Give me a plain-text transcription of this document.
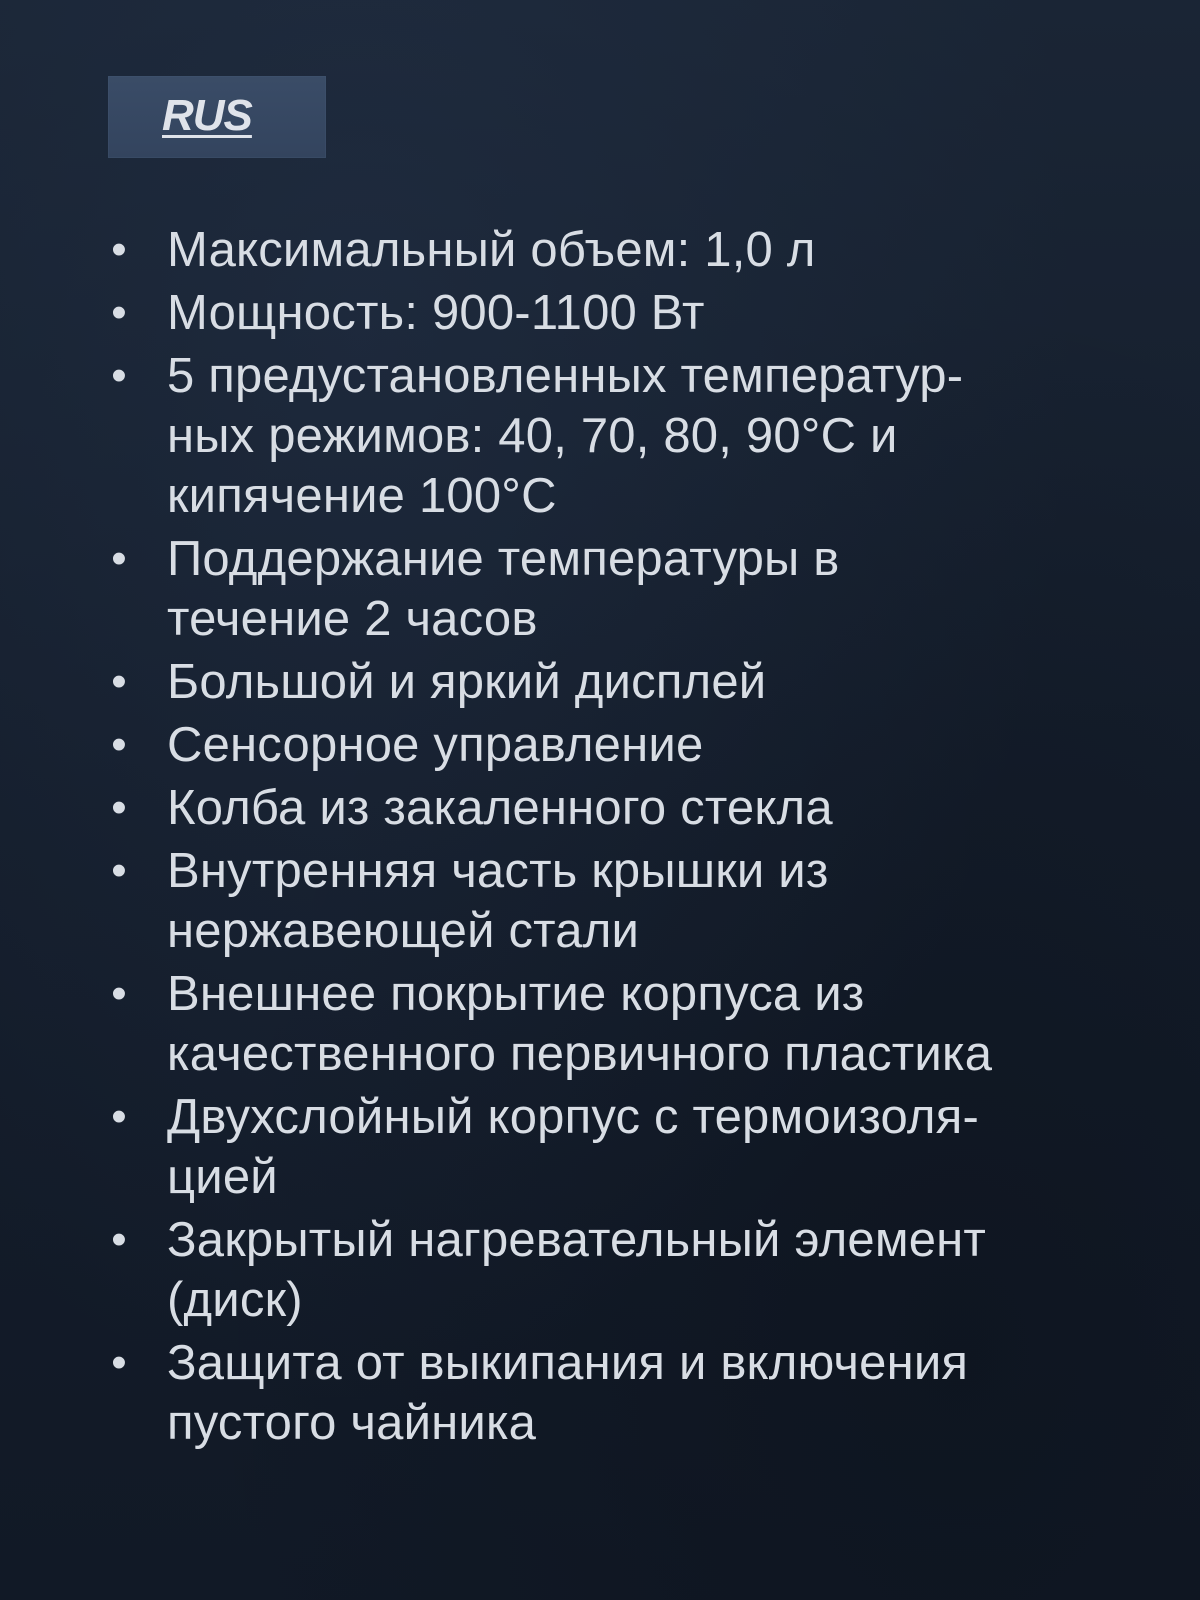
RUS
• Максимальный объем: 1,0 л
• Мощность: 900-1100 Вт
• 5 предустановленных температур-
ных режимов: 40, 70, 80, 90°C и
кипячение 100°C
• Поддержание температуры в
течение 2 часов
• Большой и яркий дисплей
• Сенсорное управление
• Колба из закаленного стекла
• Внутренняя часть крышки из
нержавеющей стали
• Внешнее покрытие корпуса из
качественного первичного пластика
• Двухслойный корпус с термоизоля-
цией
• Закрытый нагревательный элемент
(диск)
• Защита от выкипания и включения
пустого чайника
